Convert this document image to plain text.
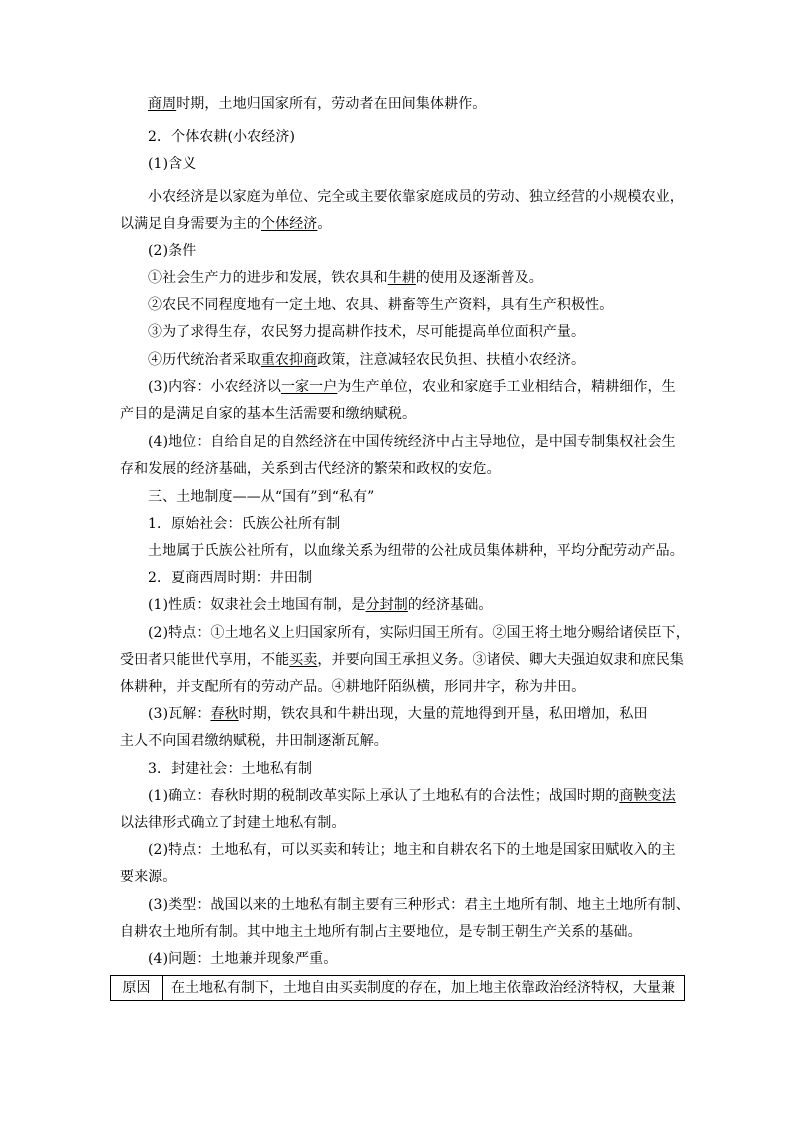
商周时期，土地归国家所有，劳动者在田间集体耕作。
2．个体农耕(小农经济)
(1)含义
小农经济是以家庭为单位、完全或主要依靠家庭成员的劳动、独立经营的小规模农业，
以满足自身需要为主的个体经济。
(2)条件
①社会生产力的进步和发展，铁农具和牛耕的使用及逐渐普及。
②农民不同程度地有一定土地、农具、耕畜等生产资料，具有生产积极性。
③为了求得生存，农民努力提高耕作技术，尽可能提高单位面积产量。
④历代统治者采取重农抑商政策，注意减轻农民负担、扶植小农经济。
(3)内容：小农经济以一家一户为生产单位，农业和家庭手工业相结合，精耕细作，生
产目的是满足自家的基本生活需要和缴纳赋税。
(4)地位：自给自足的自然经济在中国传统经济中占主导地位，是中国专制集权社会生
存和发展的经济基础，关系到古代经济的繁荣和政权的安危。
三、土地制度——从“国有”到“私有”
1．原始社会：氏族公社所有制
土地属于氏族公社所有，以血缘关系为纽带的公社成员集体耕种，平均分配劳动产品。
2．夏商西周时期：井田制
(1)性质：奴隶社会土地国有制，是分封制的经济基础。
(2)特点：①土地名义上归国家所有，实际归国王所有。②国王将土地分赐给诸侯臣下，
受田者只能世代享用，不能买卖，并要向国王承担义务。③诸侯、卿大夫强迫奴隶和庶民集
体耕种，并支配所有的劳动产品。④耕地阡陌纵横，形同井字，称为井田。
(3)瓦解：春秋时期，铁农具和牛耕出现，大量的荒地得到开垦，私田增加，私田
主人不向国君缴纳赋税，井田制逐渐瓦解。
3．封建社会：土地私有制
(1)确立：春秋时期的税制改革实际上承认了土地私有的合法性；战国时期的商鞅变法
以法律形式确立了封建土地私有制。
(2)特点：土地私有，可以买卖和转让；地主和自耕农名下的土地是国家田赋收入的主
要来源。
(3)类型：战国以来的土地私有制主要有三种形式：君主土地所有制、地主土地所有制、
自耕农土地所有制。其中地主土地所有制占主要地位，是专制王朝生产关系的基础。
(4)问题：土地兼并现象严重。
原因	在土地私有制下，土地自由买卖制度的存在，加上地主依靠政治经济特权，大量兼
